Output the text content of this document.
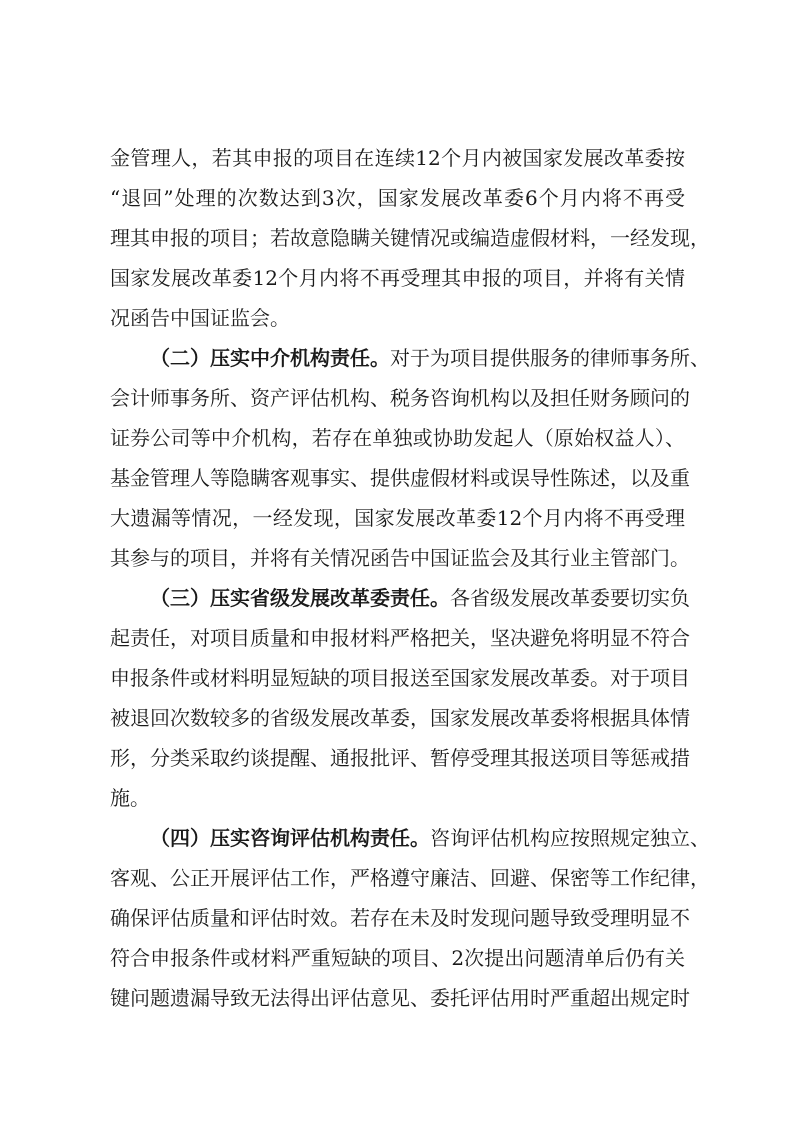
金管理人，若其申报的项目在连续12个月内被国家发展改革委按
“退回”处理的次数达到3次，国家发展改革委6个月内将不再受
理其申报的项目；若故意隐瞒关键情况或编造虚假材料，一经发现，
国家发展改革委12个月内将不再受理其申报的项目，并将有关情
况函告中国证监会。
（二）压实中介机构责任。对于为项目提供服务的律师事务所、
会计师事务所、资产评估机构、税务咨询机构以及担任财务顾问的
证券公司等中介机构，若存在单独或协助发起人（原始权益人）、
基金管理人等隐瞒客观事实、提供虚假材料或误导性陈述，以及重
大遗漏等情况，一经发现，国家发展改革委12个月内将不再受理
其参与的项目，并将有关情况函告中国证监会及其行业主管部门。
（三）压实省级发展改革委责任。各省级发展改革委要切实负
起责任，对项目质量和申报材料严格把关，坚决避免将明显不符合
申报条件或材料明显短缺的项目报送至国家发展改革委。对于项目
被退回次数较多的省级发展改革委，国家发展改革委将根据具体情
形，分类采取约谈提醒、通报批评、暂停受理其报送项目等惩戒措
施。
（四）压实咨询评估机构责任。咨询评估机构应按照规定独立、
客观、公正开展评估工作，严格遵守廉洁、回避、保密等工作纪律，
确保评估质量和评估时效。若存在未及时发现问题导致受理明显不
符合申报条件或材料严重短缺的项目、2次提出问题清单后仍有关
键问题遗漏导致无法得出评估意见、委托评估用时严重超出规定时
